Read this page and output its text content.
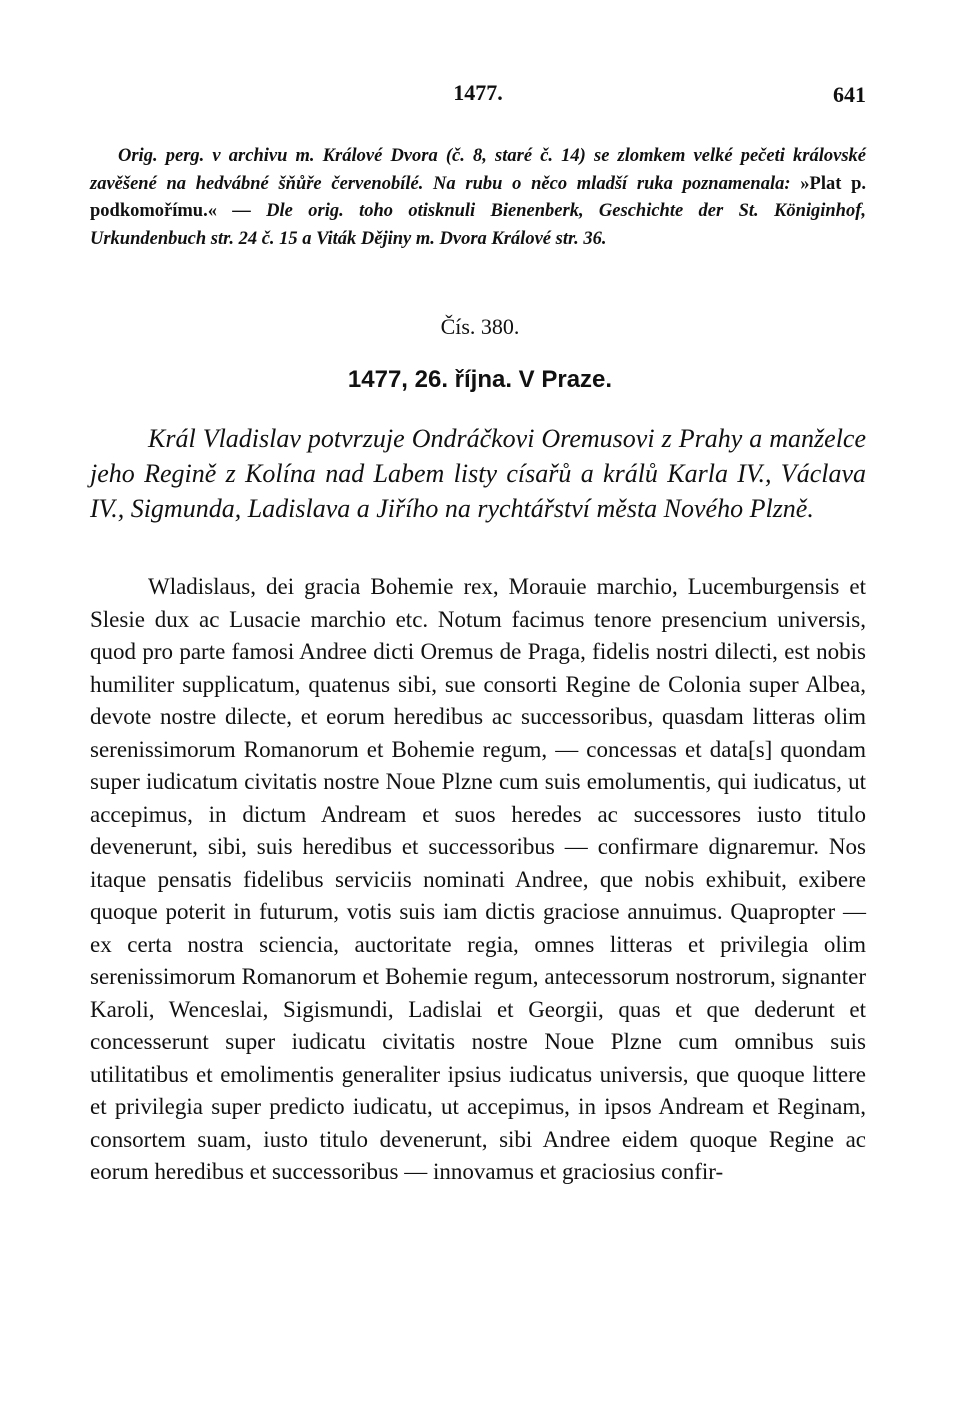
1477.	641

Orig. perg. v archivu m. Králové Dvora (č. 8, staré č. 14) se zlomkem velké pečeti královské zavěšené na hedvábné šňůře červenobílé. Na rubu o něco mladší ruka poznamenala: »Plat p. podkomořímu.« — Dle orig. toho otisknuli Bienenberk, Geschichte der St. Königinhof, Urkundenbuch str. 24 č. 15 a Viták Dějiny m. Dvora Králové str. 36.

Čís. 380.
1477, 26. října. V Praze.

Král Vladislav potvrzuje Ondráčkovi Oremusovi z Prahy a manželce jeho Regině z Kolína nad Labem listy císařů a králů Karla IV., Václava IV., Sigmunda, Ladislava a Jiřího na rychtářství města Nového Plzně.

Wladislaus, dei gracia Bohemie rex, Morauie marchio, Lucemburgensis et Slesie dux ac Lusacie marchio etc. Notum facimus tenore presencium universis, quod pro parte famosi Andree dicti Oremus de Praga, fidelis nostri dilecti, est nobis humiliter supplicatum, quatenus sibi, sue consorti Regine de Colonia super Albea, devote nostre dilecte, et eorum heredibus ac successoribus, quasdam litteras olim serenissimorum Romanorum et Bohemie regum, — concessas et data[s] quondam super iudicatum civitatis nostre Noue Plzne cum suis emolumentis, qui iudicatus, ut accepimus, in dictum Andream et suos heredes ac successores iusto titulo devenerunt, sibi, suis heredibus et successoribus — confirmare dignaremur. Nos itaque pensatis fidelibus serviciis nominati Andree, que nobis exhibuit, exibere quoque poterit in futurum, votis suis iam dictis graciose annuimus. Quapropter — ex certa nostra sciencia, auctoritate regia, omnes litteras et privilegia olim serenissimorum Romanorum et Bohemie regum, antecessorum nostrorum, signanter Karoli, Wenceslai, Sigismundi, Ladislai et Georgii, quas et que dederunt et concesserunt super iudicatu civitatis nostre Noue Plzne cum omnibus suis utilitatibus et emolimentis generaliter ipsius iudicatus universis, que quoque littere et privilegia super predicto iudicatu, ut accepimus, in ipsos Andream et Reginam, consortem suam, iusto titulo devenerunt, sibi Andree eidem quoque Regine ac eorum heredibus et successoribus — innovamus et graciosius confir-
